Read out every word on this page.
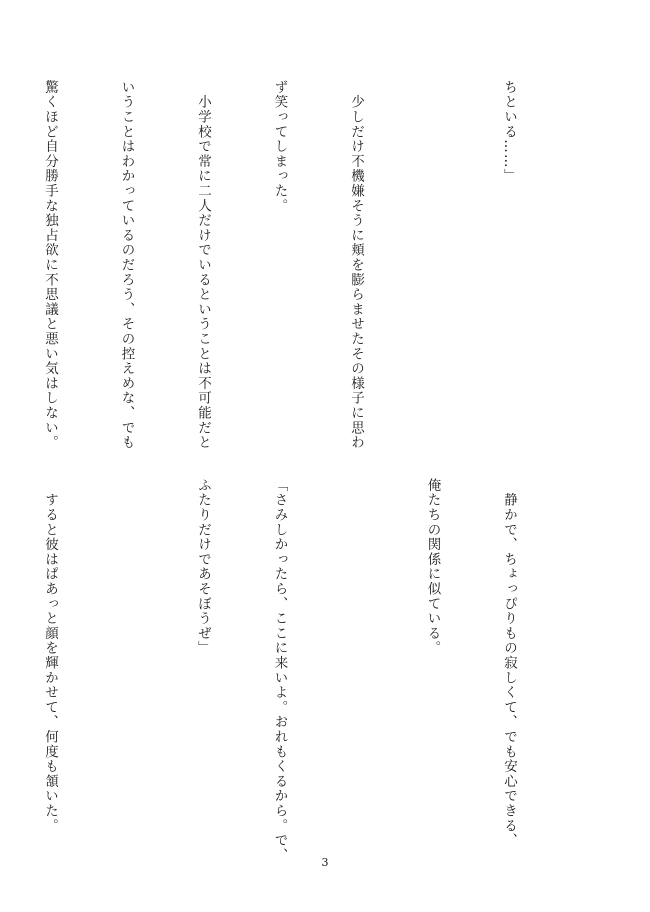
ちといる……」

　少しだけ不機嫌そうに頬を膨らませたその様子に思わ

ず笑ってしまった。

　小学校で常に二人だけでいるということは不可能だと

いうことはわかっているのだろう、その控えめな、でも

驚くほど自分勝手な独占欲に不思議と悪い気はしない。

　静かで、ちょっぴりもの寂しくて、でも安心できる、

俺たちの関係に似ている。

「さみしかったら、ここに来いよ。おれもくるから。で、

ふたりだけであそぼうぜ」

　すると彼はぱあっと顔を輝かせて、何度も頷いた。

3
